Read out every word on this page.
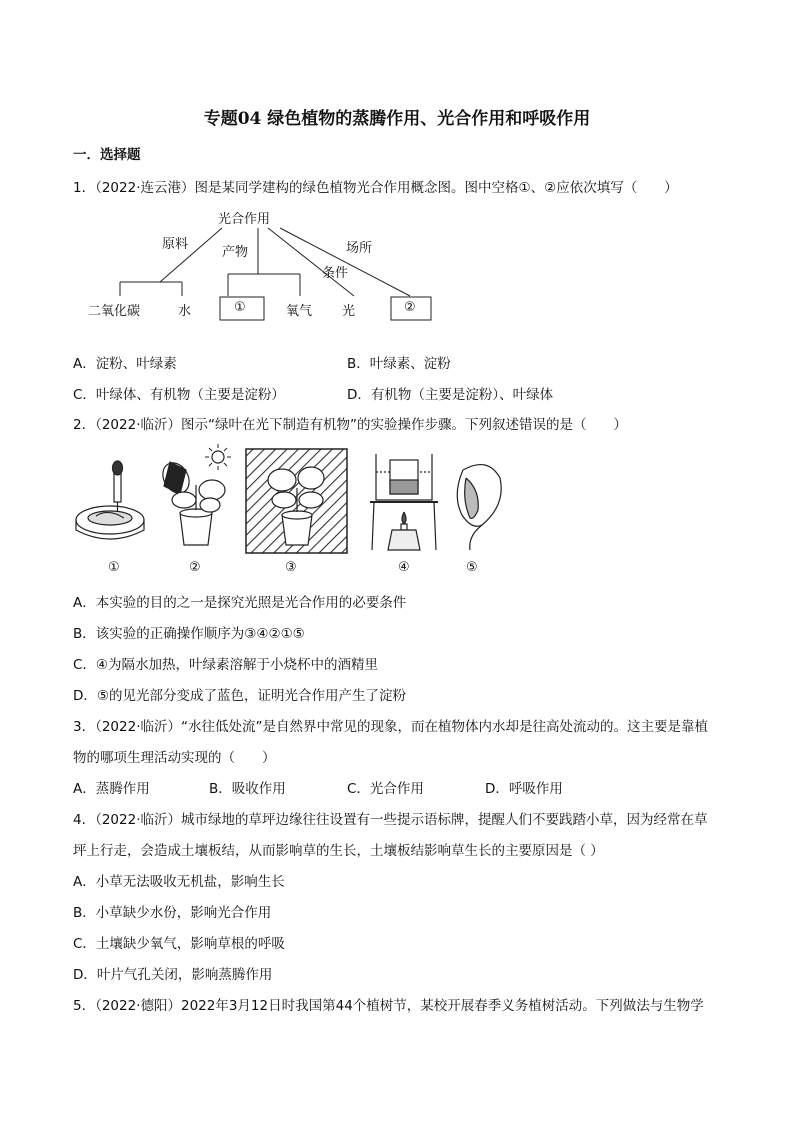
专题04 绿色植物的蒸腾作用、光合作用和呼吸作用
一．选择题
1．（2022·连云港）图是某同学建构的绿色植物光合作用概念图。图中空格①、②应依次填写（　　）
光合作用
原料
产物
条件
场所
二氧化碳	水	①	氧气 光	②
A．淀粉、叶绿素	B．叶绿素、淀粉
C．叶绿体、有机物（主要是淀粉）	D．有机物（主要是淀粉）、叶绿体
2．（2022·临沂）图示“绿叶在光下制造有机物”的实验操作步骤。下列叙述错误的是（　　）
①	②	③	④	⑤
A．本实验的目的之一是探究光照是光合作用的必要条件
B．该实验的正确操作顺序为③④②①⑤
C．④为隔水加热，叶绿素溶解于小烧杯中的酒精里
D．⑤的见光部分变成了蓝色，证明光合作用产生了淀粉
3．（2022·临沂）“水往低处流”是自然界中常见的现象，而在植物体内水却是往高处流动的。这主要是靠植
物的哪项生理活动实现的（　　）
A．蒸腾作用	B．吸收作用	C．光合作用	D．呼吸作用
4．（2022·临沂）城市绿地的草坪边缘往往设置有一些提示语标牌，提醒人们不要践踏小草，因为经常在草
坪上行走，会造成土壤板结，从而影响草的生长，土壤板结影响草生长的主要原因是（ ）
A．小草无法吸收无机盐，影响生长
B．小草缺少水份，影响光合作用
C．土壤缺少氧气，影响草根的呼吸
D．叶片气孔关闭，影响蒸腾作用
5．（2022·德阳）2022年3月12日时我国第44个植树节，某校开展春季义务植树活动。下列做法与生物学
